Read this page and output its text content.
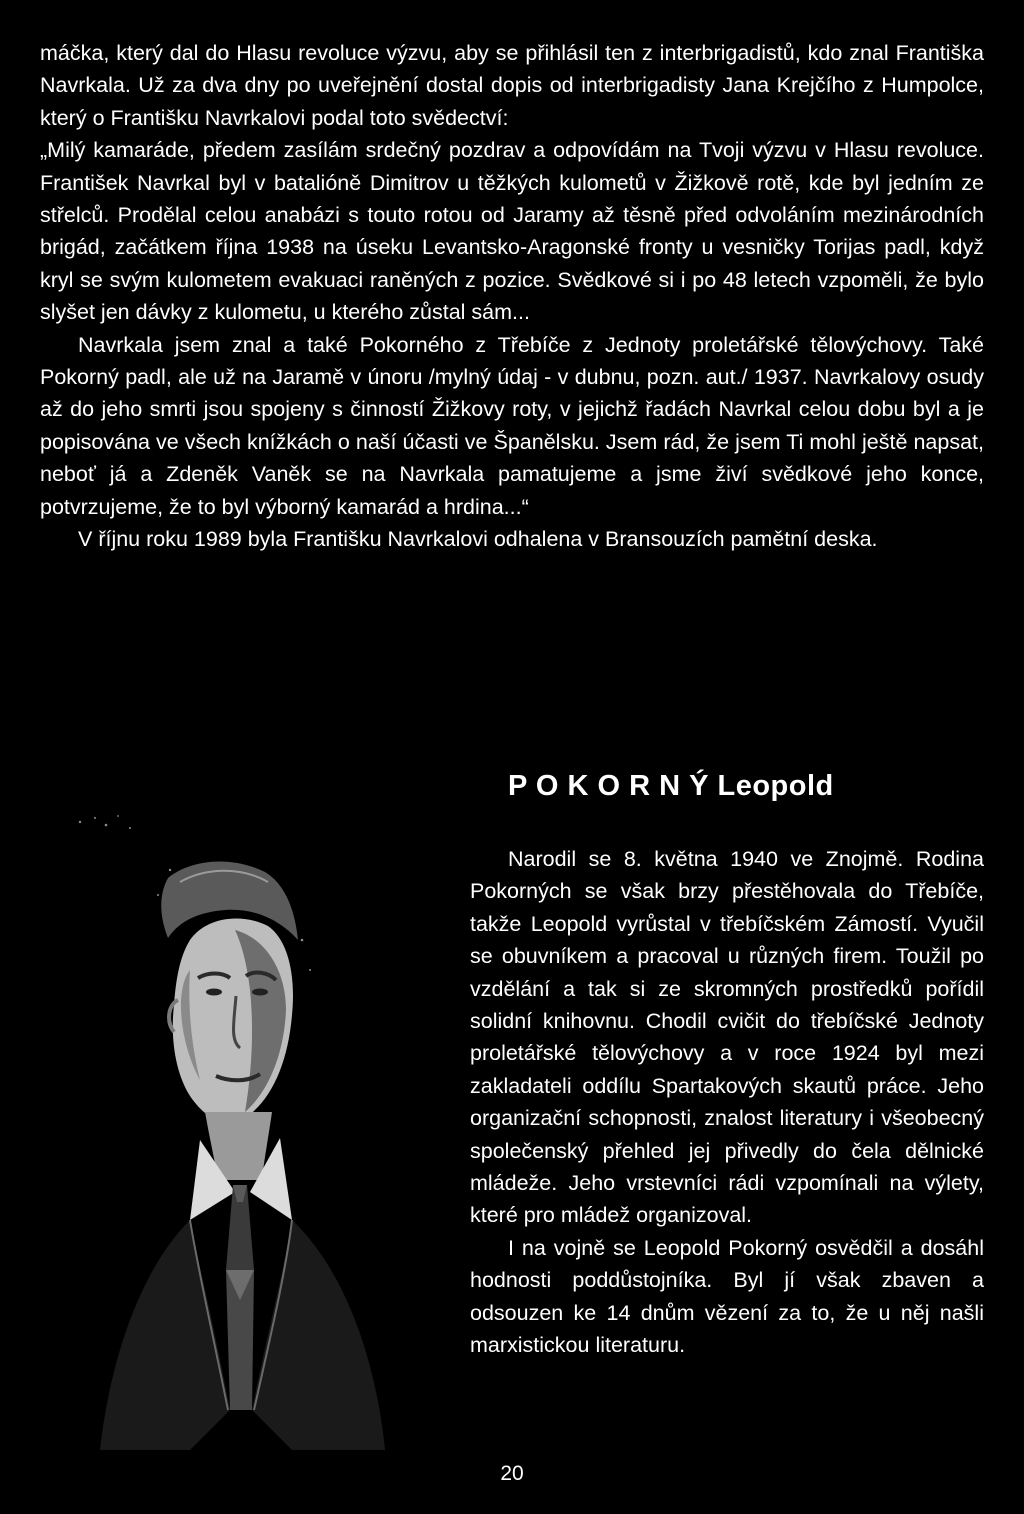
máčka, který dal do Hlasu revoluce výzvu, aby se přihlásil ten z interbrigadistů, kdo znal Františka Navrkala. Už za dva dny po uveřejnění dostal dopis od interbrigadisty Jana Krejčího z Humpolce, který o Františku Navrkalovi podal toto svědectví:

„Milý kamaráde, předem zasílám srdečný pozdrav a odpovídám na Tvoji výzvu v Hlasu revoluce. František Navrkal byl v batalióně Dimitrov u těžkých kulometů v Žižkově rotě, kde byl jedním ze střelců. Prodělal celou anabázi s touto rotou od Jaramy až těsně před odvoláním mezinárodních brigád, začátkem října 1938 na úseku Levantsko-Aragonské fronty u vesničky Torijas padl, když kryl se svým kulometem evakuaci raněných z pozice. Svědkové si i po 48 letech vzpoměli, že bylo slyšet jen dávky z kulometu, u kterého zůstal sám...

Navrkala jsem znal a také Pokorného z Třebíče z Jednoty proletářské tělovýchovy. Také Pokorný padl, ale už na Jaramě v únoru /mylný údaj - v dubnu, pozn. aut./ 1937. Navrkalovy osudy až do jeho smrti jsou spojeny s činností Žižkovy roty, v jejichž řadách Navrkal celou dobu byl a je popisována ve všech knížkách o naší účasti ve Španělsku. Jsem rád, že jsem Ti mohl ještě napsat, neboť já a Zdeněk Vaněk se na Navrkala pamatujeme a jsme živí svědkové jeho konce, potvrzujeme, že to byl výborný kamarád a hrdina...“

V říjnu roku 1989 byla Františku Navrkalovi odhalena v Bransouzích pamětní deska.

P O K O R N Ý Leopold

Narodil se 8. května 1940 ve Znojmě. Rodina Pokorných se však brzy přestěhovala do Třebíče, takže Leopold vyrůstal v třebíčském Zámostí. Vyučil se obuvníkem a pracoval u různých firem. Toužil po vzdělání a tak si ze skromných prostředků pořídil solidní knihovnu. Chodil cvičit do třebíčské Jednoty proletářské tělovýchovy a v roce 1924 byl mezi zakladateli oddílu Spartakových skautů práce. Jeho organizační schopnosti, znalost literatury i všeobecný společenský přehled jej přivedly do čela dělnické mládeže. Jeho vrstevníci rádi vzpomínali na výlety, které pro mládež organizoval.

I na vojně se Leopold Pokorný osvědčil a dosáhl hodnosti poddůstojníka. Byl jí však zbaven a odsouzen ke 14 dnům vězení za to, že u něj našli marxistickou literaturu.

20
